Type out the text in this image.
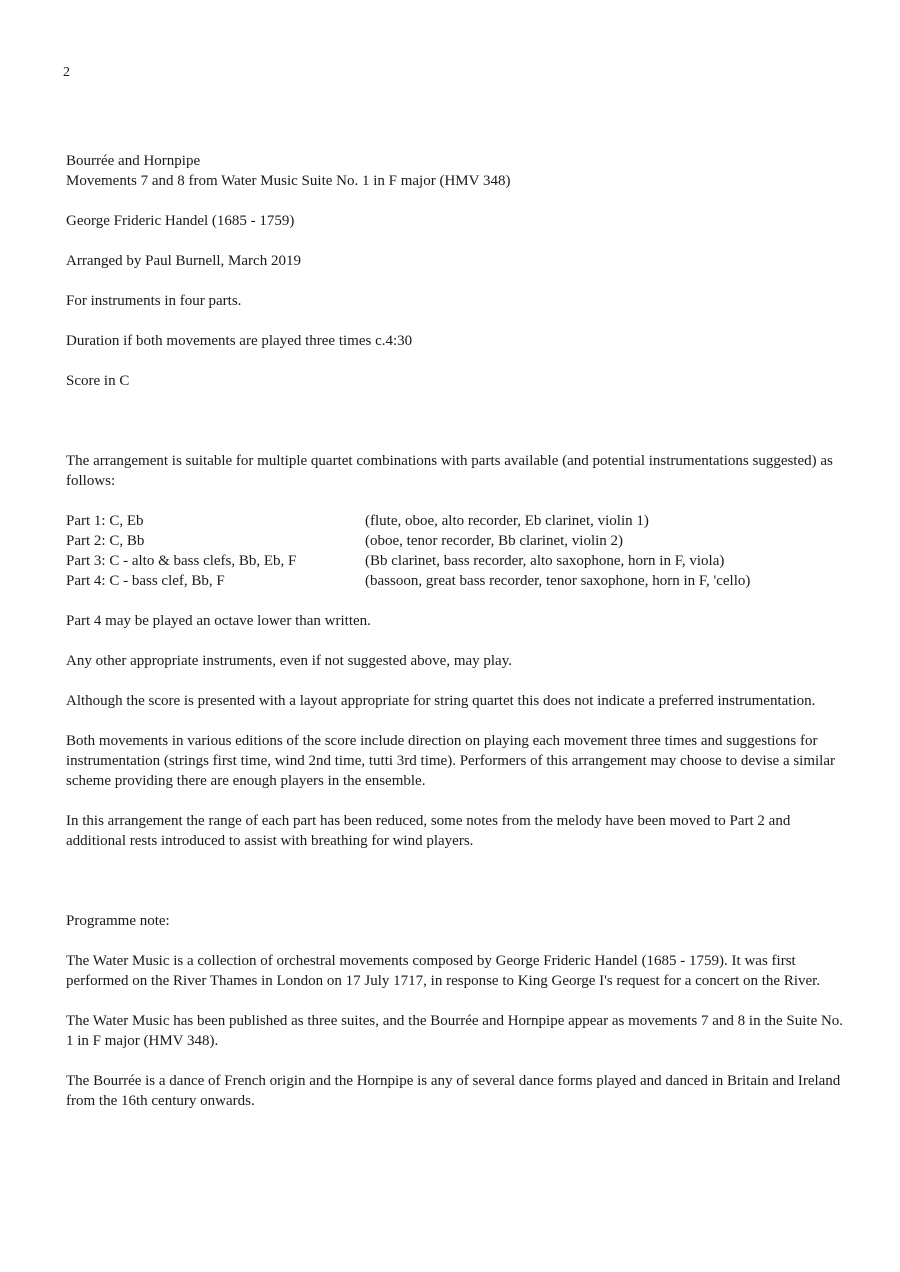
2

Bourrée and Hornpipe

Movements 7 and 8 from Water Music Suite No. 1 in F major (HMV 348)

George Frideric Handel (1685 - 1759)

Arranged by Paul Burnell, March 2019

For instruments in four parts.

Duration if both movements are played three times c.4:30

Score in C

The arrangement is suitable for multiple quartet combinations with parts available (and potential instrumentations suggested) as follows:

Part 1: C, Eb	(flute, oboe, alto recorder, Eb clarinet, violin 1)
Part 2: C, Bb	(oboe, tenor recorder, Bb clarinet, violin 2)
Part 3: C - alto & bass clefs, Bb, Eb, F	(Bb clarinet, bass recorder, alto saxophone, horn in F, viola)
Part 4: C - bass clef, Bb, F	(bassoon, great bass recorder, tenor saxophone, horn in F, 'cello)

Part 4 may be played an octave lower than written.

Any other appropriate instruments, even if not suggested above, may play.

Although the score is presented with a layout appropriate for string quartet this does not indicate a preferred instrumentation.

Both movements in various editions of the score include direction on playing each movement three times and suggestions for instrumentation (strings first time, wind 2nd time, tutti 3rd time). Performers of this arrangement may choose to devise a similar scheme providing there are enough players in the ensemble.

In this arrangement the range of each part has been reduced, some notes from the melody have been moved to Part 2 and additional rests introduced to assist with breathing for wind players.

Programme note:

The Water Music is a collection of orchestral movements composed by George Frideric Handel (1685 - 1759). It was first performed on the River Thames in London on 17 July 1717, in response to King George I's request for a concert on the River.

The Water Music has been published as three suites, and the Bourrée and Hornpipe appear as movements 7 and 8 in the Suite No. 1 in F major (HMV 348).

The Bourrée is a dance of French origin and the Hornpipe is any of several dance forms played and danced in Britain and Ireland from the 16th century onwards.
